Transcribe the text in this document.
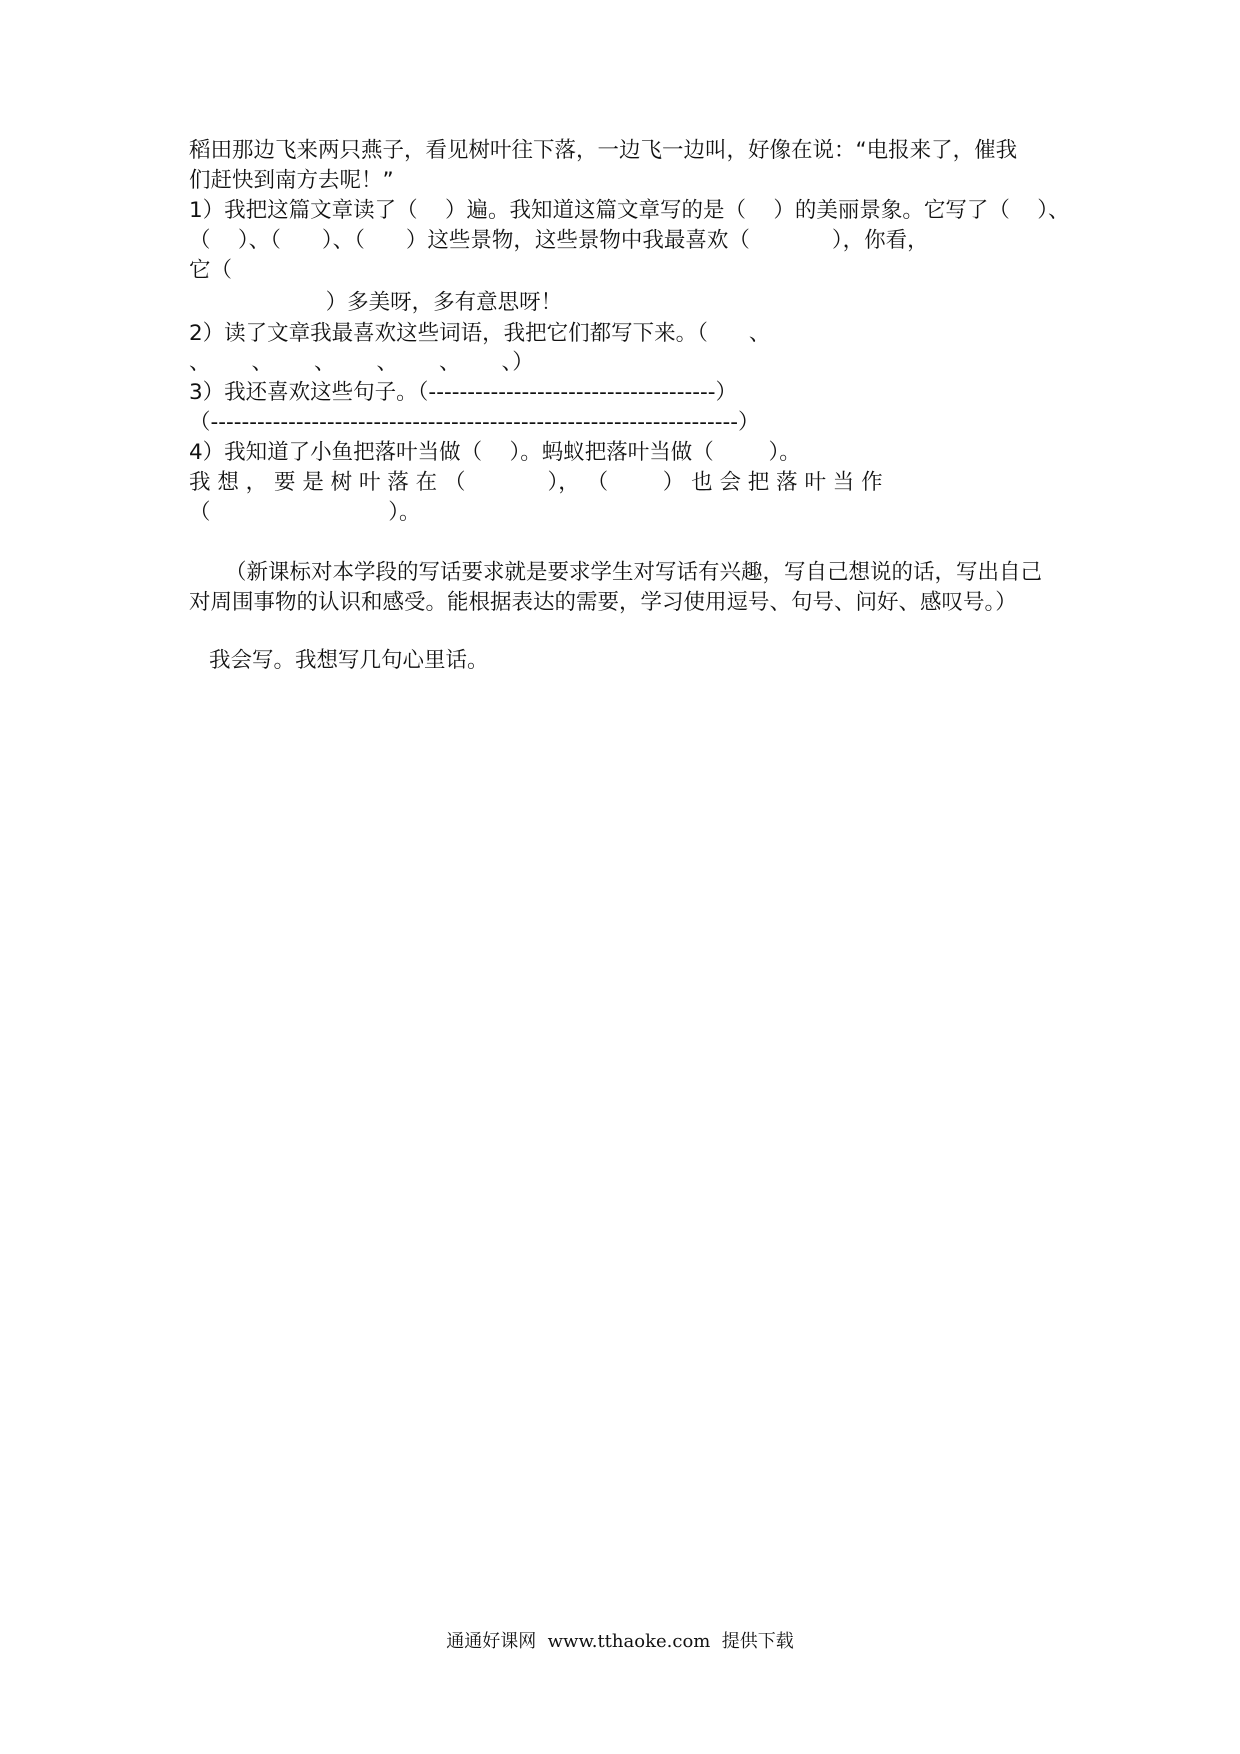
稻田那边飞来两只燕子，看见树叶往下落，一边飞一边叫，好像在说：“电报来了，催我

们赶快到南方去呢！”

1）我把这篇文章读了（    ）遍。我知道这篇文章写的是（    ）的美丽景象。它写了（    ）、

（    ）、（      ）、（      ）这些景物，这些景物中我最喜欢（            ），你看，

它（

）多美呀，多有意思呀！

2）读了文章我最喜欢这些词语，我把它们都写下来。（      、

、      、      、      、      、      、）

3）我还喜欢这些句子。（-------------------------------------）

（--------------------------------------------------------------------）

4）我知道了小鱼把落叶当做（    ）。蚂蚁把落叶当做（        ）。

我 想 ， 要 是 树 叶 落 在 （            ）， （        ） 也 会 把 落 叶 当 作

（                          ）。

（新课标对本学段的写话要求就是要求学生对写话有兴趣，写自己想说的话，写出自己

对周围事物的认识和感受。能根据表达的需要，学习使用逗号、句号、问好、感叹号。）

我会写。我想写几句心里话。

通通好课网  www.tthaoke.com  提供下载
